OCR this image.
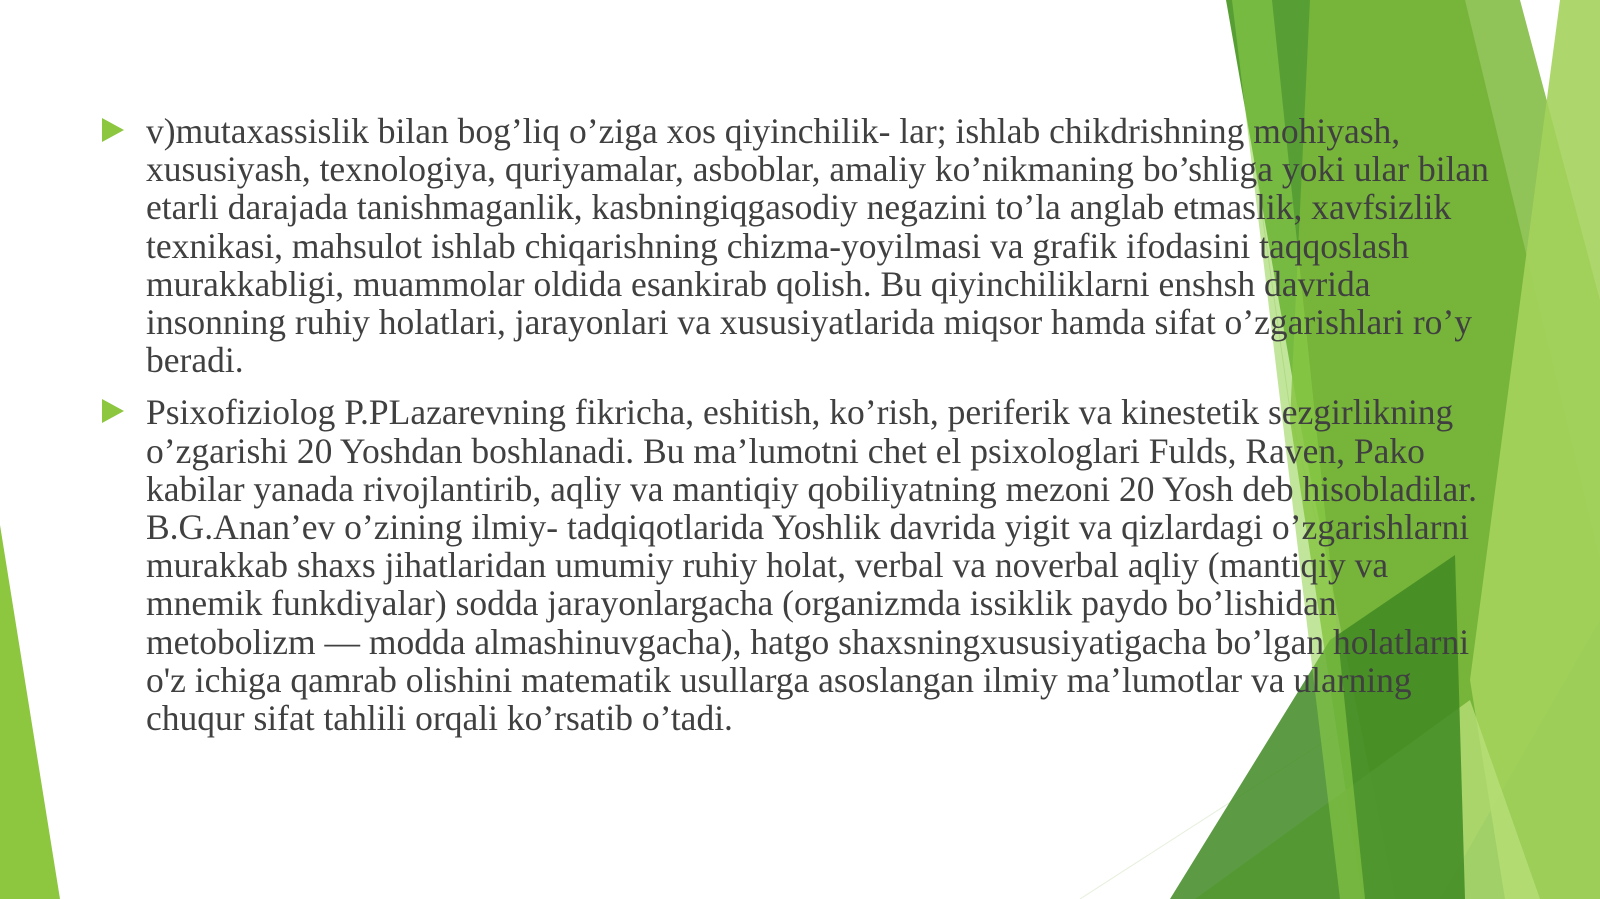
v)mutaxassislik bilan bog’liq o’ziga xos qiyinchilik- lar; ishlab chikdrishning mohiyash, xususiyash, texnologiya, quriyamalar, asboblar, amaliy ko’nikmaning bo’shliga yoki ular bilan etarli darajada tanishmaganlik, kasbningiqgasodiy negazini to’la anglab etmaslik, xavfsizlik texnikasi, mahsulot ishlab chiqarishning chizma-yoyilmasi va grafik ifodasini taqqoslash murakkabligi, muammolar oldida esankirab qolish. Bu qiyinchiliklarni enshsh davrida insonning ruhiy holatlari, jarayonlari va xususiyatlarida miqsor hamda sifat o’zgarishlari ro’y beradi.

Psixofiziolog P.PLazarevning fikricha, eshitish, ko’rish, periferik va kinestetik sezgirlikning o’zgarishi 20 Yoshdan boshlanadi. Bu ma’lumotni chet el psixologlari Fulds, Raven, Pako kabilar yanada rivojlantirib, aqliy va mantiqiy qobiliyatning mezoni 20 Yosh deb hisobladilar. B.G.Anan’ev o’zining ilmiy- tadqiqotlarida Yoshlik davrida yigit va qizlardagi o’zgarishlarni murakkab shaxs jihatlaridan umumiy ruhiy holat, verbal va noverbal aqliy (mantiqiy va mnemik funkdiyalar) sodda jarayonlargacha (organizmda issiklik paydo bo’lishidan metobolizm — modda almashinuvgacha), hatgo shaxsningxususiyatigacha bo’lgan holatlarni o'z ichiga qamrab olishini matematik usullarga asoslangan ilmiy ma’lumotlar va ularning chuqur sifat tahlili orqali ko’rsatib o’tadi.
